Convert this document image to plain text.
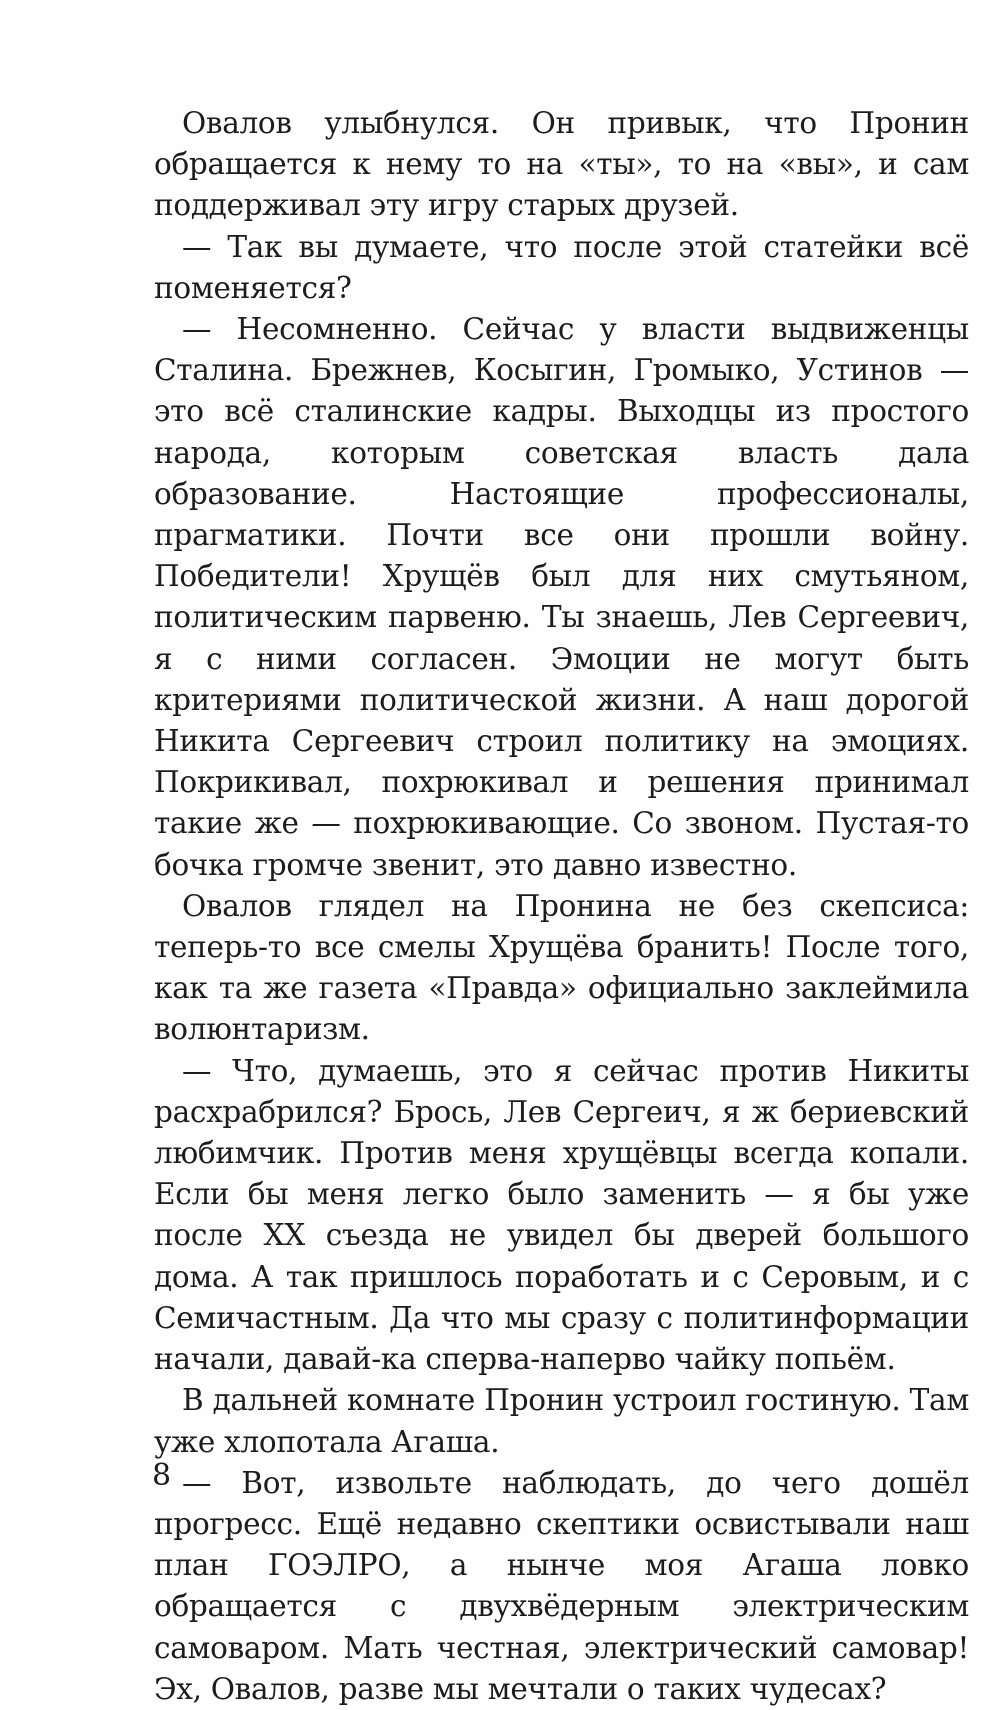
Овалов улыбнулся. Он привык, что Пронин обращается к нему то на «ты», то на «вы», и сам поддерживал эту игру старых друзей.

— Так вы думаете, что после этой статейки всё поменяется?

— Несомненно. Сейчас у власти выдвиженцы Сталина. Брежнев, Косыгин, Громыко, Устинов — это всё сталинские кадры. Выходцы из простого народа, которым советская власть дала образование. Настоящие профессионалы, прагматики. Почти все они прошли войну. Победители! Хрущёв был для них смутьяном, политическим парвеню. Ты знаешь, Лев Сергеевич, я с ними согласен. Эмоции не могут быть критериями политической жизни. А наш дорогой Никита Сергеевич строил политику на эмоциях. Покрикивал, похрюкивал и решения принимал такие же — похрюкивающие. Со звоном. Пустая-то бочка громче звенит, это давно известно.

Овалов глядел на Пронина не без скепсиса: теперь-то все смелы Хрущёва бранить! После того, как та же газета «Правда» официально заклеймила волюнтаризм.

— Что, думаешь, это я сейчас против Никиты расхрабрился? Брось, Лев Сергеич, я ж бериевский любимчик. Против меня хрущёвцы всегда копали. Если бы меня легко было заменить — я бы уже после XX съезда не увидел бы дверей большого дома. А так пришлось поработать и с Серовым, и с Семичастным. Да что мы сразу с политинформации начали, давай-ка сперва-наперво чайку попьём.

В дальней комнате Пронин устроил гостиную. Там уже хлопотала Агаша.

— Вот, извольте наблюдать, до чего дошёл прогресс. Ещё недавно скептики освистывали наш план ГОЭЛРО, а нынче моя Агаша ловко обращается с двухвёдерным электрическим самоваром. Мать честная, электрический самовар! Эх, Овалов, разве мы мечтали о таких чудесах?

8
